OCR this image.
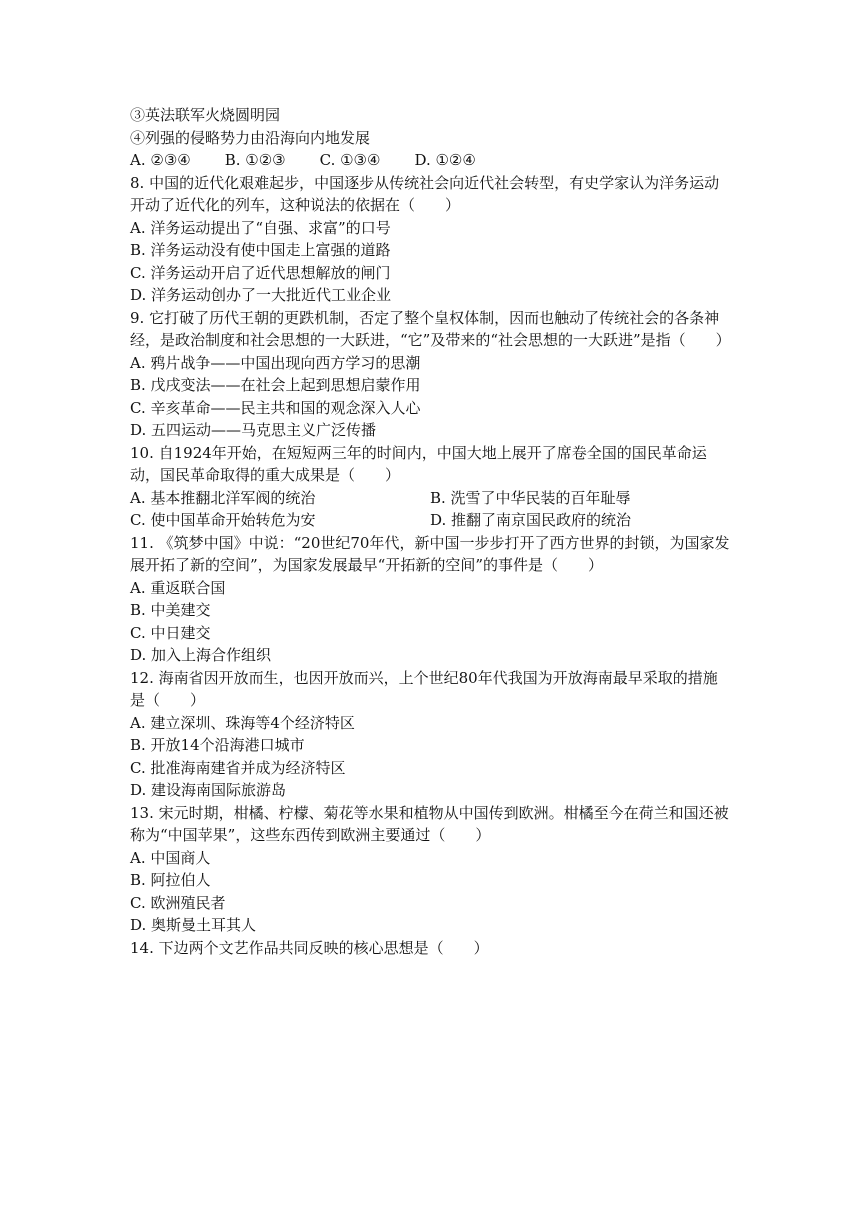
③英法联军火烧圆明园
④列强的侵略势力由沿海向内地发展
A. ②③④ B. ①②③ C. ①③④ D. ①②④
8. 中国的近代化艰难起步，中国逐步从传统社会向近代社会转型，有史学家认为洋务运动开动了近代化的列车，这种说法的依据在（　　）
A. 洋务运动提出了“自强、求富”的口号
B. 洋务运动没有使中国走上富强的道路
C. 洋务运动开启了近代思想解放的闸门
D. 洋务运动创办了一大批近代工业企业
9. 它打破了历代王朝的更跌机制，否定了整个皇权体制，因而也触动了传统社会的各条神经，是政治制度和社会思想的一大跃进，“它”及带来的“社会思想的一大跃进”是指（　　）
A. 鸦片战争——中国出现向西方学习的思潮
B. 戊戌变法——在社会上起到思想启蒙作用
C. 辛亥革命——民主共和国的观念深入人心
D. 五四运动——马克思主义广泛传播
10. 自1924年开始，在短短两三年的时间内，中国大地上展开了席卷全国的国民革命运动，国民革命取得的重大成果是（　　）
A. 基本推翻北洋军阀的统治	B. 洗雪了中华民装的百年耻辱
C. 使中国革命开始转危为安	D. 推翻了南京国民政府的统治
11. 《筑梦中国》中说：“20世纪70年代，新中国一步步打开了西方世界的封锁，为国家发展开拓了新的空间”，为国家发展最早“开拓新的空间”的事件是（　　）
A. 重返联合国
B. 中美建交
C. 中日建交
D. 加入上海合作组织
12. 海南省因开放而生，也因开放而兴，上个世纪80年代我国为开放海南最早采取的措施是（　　）
A. 建立深圳、珠海等4个经济特区
B. 开放14个沿海港口城市
C. 批准海南建省并成为经济特区
D. 建设海南国际旅游岛
13. 宋元时期，柑橘、柠檬、菊花等水果和植物从中国传到欧洲。柑橘至今在荷兰和国还被称为“中国苹果”，这些东西传到欧洲主要通过（　　）
A. 中国商人
B. 阿拉伯人
C. 欧洲殖民者
D. 奥斯曼土耳其人
14. 下边两个文艺作品共同反映的核心思想是（　　）
